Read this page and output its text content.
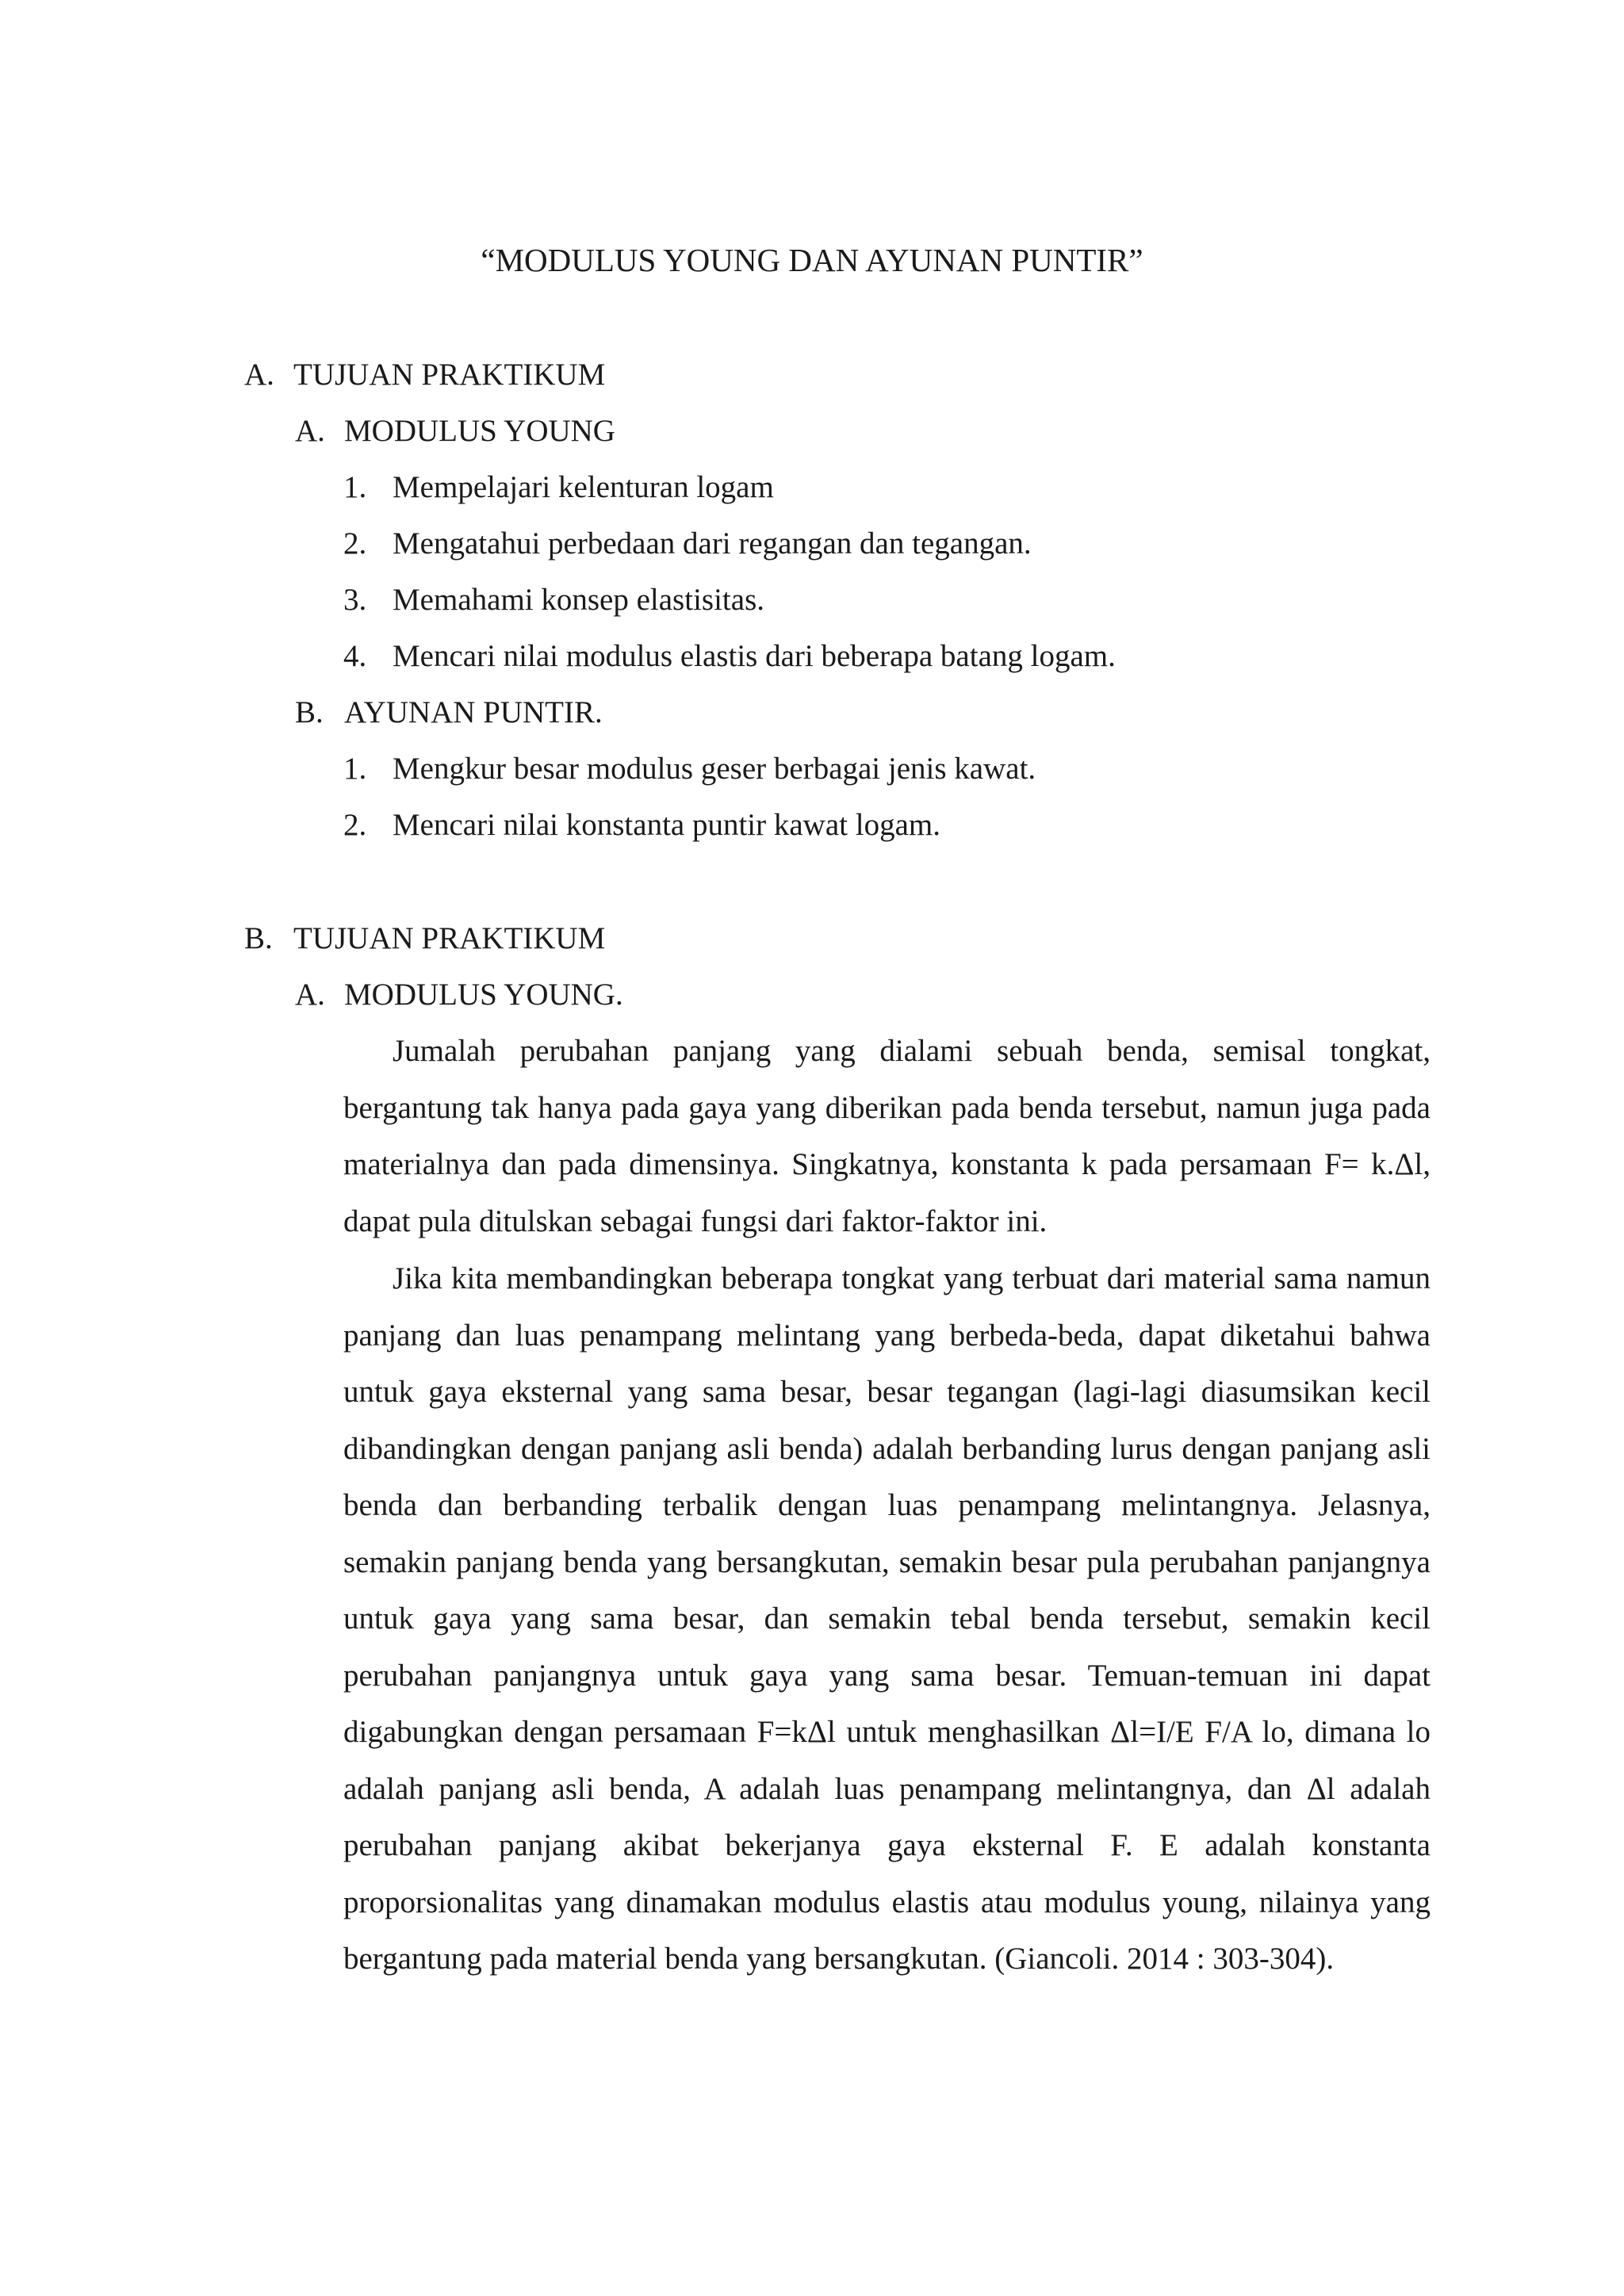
“MODULUS YOUNG DAN AYUNAN PUNTIR”
A. TUJUAN PRAKTIKUM
A. MODULUS YOUNG
1. Mempelajari kelenturan logam
2. Mengatahui perbedaan dari regangan dan tegangan.
3. Memahami konsep elastisitas.
4. Mencari nilai modulus elastis dari beberapa batang logam.
B. AYUNAN PUNTIR.
1. Mengkur besar modulus geser berbagai jenis kawat.
2. Mencari nilai konstanta puntir kawat logam.
B. TUJUAN PRAKTIKUM
A. MODULUS YOUNG.

Jumalah perubahan panjang yang dialami sebuah benda, semisal tongkat, bergantung tak hanya pada gaya yang diberikan pada benda tersebut, namun juga pada materialnya dan pada dimensinya. Singkatnya, konstanta k pada persamaan F= k.Δl, dapat pula ditulskan sebagai fungsi dari faktor-faktor ini.

Jika kita membandingkan beberapa tongkat yang terbuat dari material sama namun panjang dan luas penampang melintang yang berbeda-beda, dapat diketahui bahwa untuk gaya eksternal yang sama besar, besar tegangan (lagi-lagi diasumsikan kecil dibandingkan dengan panjang asli benda) adalah berbanding lurus dengan panjang asli benda dan berbanding terbalik dengan luas penampang melintangnya. Jelasnya, semakin panjang benda yang bersangkutan, semakin besar pula perubahan panjangnya untuk gaya yang sama besar, dan semakin tebal benda tersebut, semakin kecil perubahan panjangnya untuk gaya yang sama besar. Temuan-temuan ini dapat digabungkan dengan persamaan F=kΔl untuk menghasilkan Δl=I/E F/A lo, dimana lo adalah panjang asli benda, A adalah luas penampang melintangnya, dan Δl adalah perubahan panjang akibat bekerjanya gaya eksternal F. E adalah konstanta proporsionalitas yang dinamakan modulus elastis atau modulus young, nilainya yang bergantung pada material benda yang bersangkutan. (Giancoli. 2014 : 303-304).
